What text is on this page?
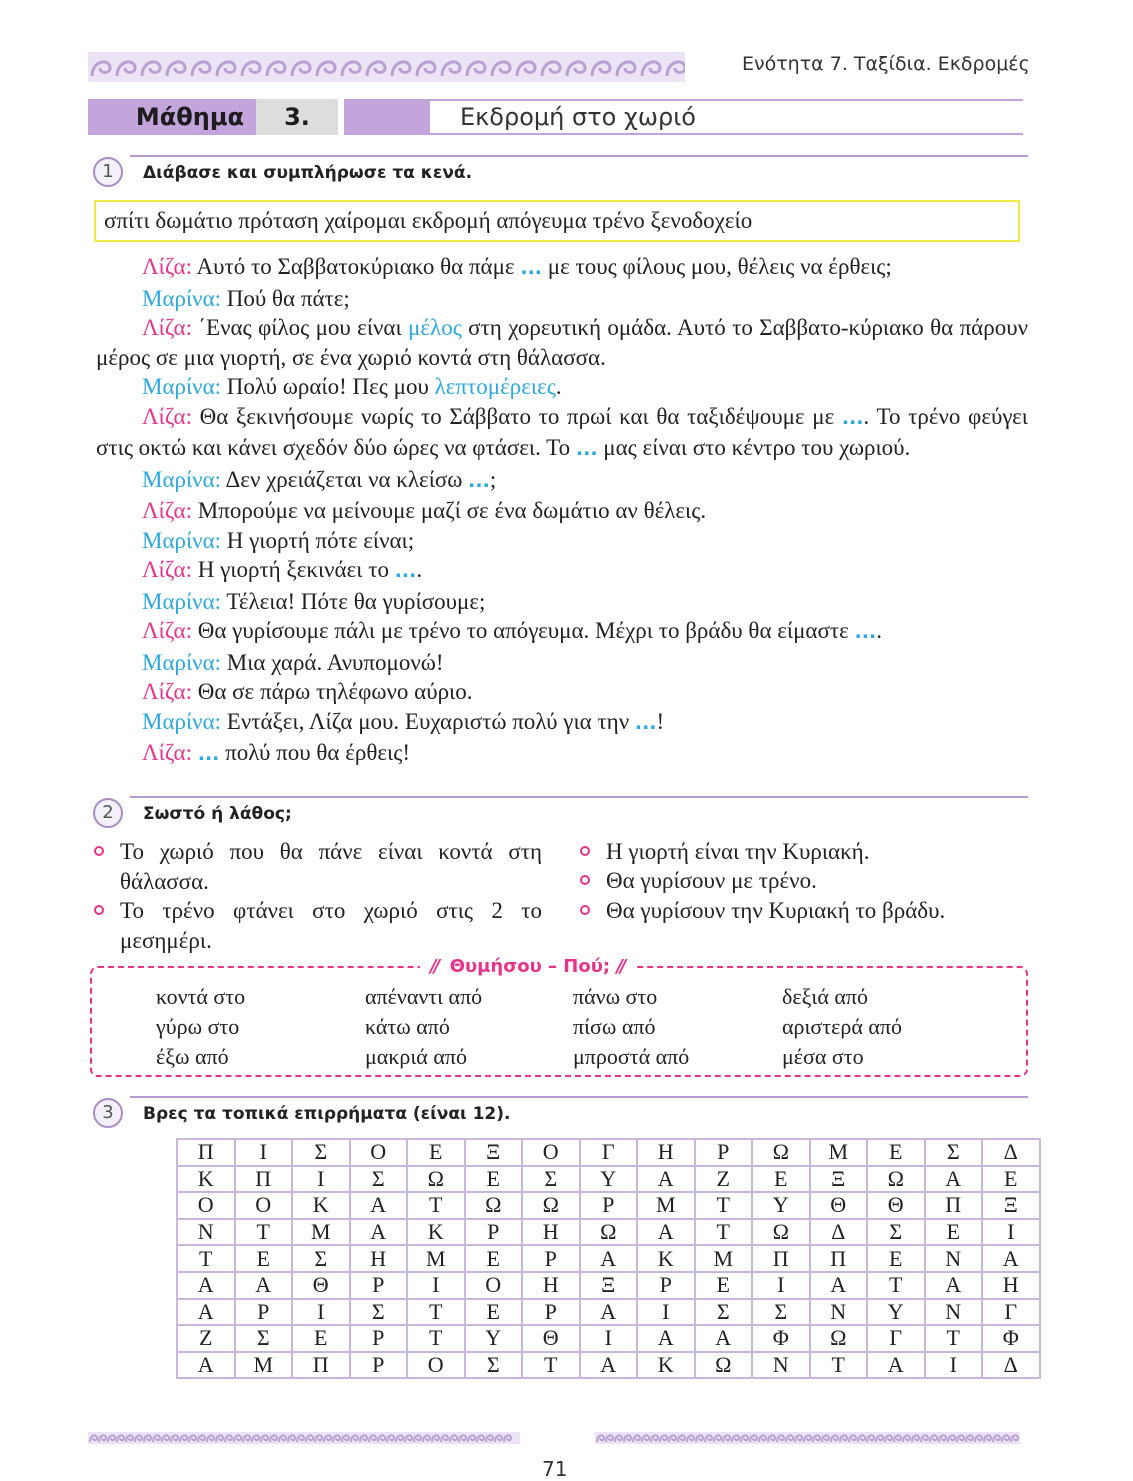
Ενότητα 7. Ταξίδια. Εκδρομές
Μάθημα	3.	Εκδρομή στο χωριό
1	Διάβασε και συμπλήρωσε τα κενά.
σπίτι δωμάτιο πρόταση χαίρομαι εκδρομή απόγευμα τρένο ξενοδοχείο

Λίζα: Αυτό το Σαββατοκύριακο θα πάμε ... με τους φίλους μου, θέλεις να έρθεις;

Μαρίνα: Πού θα πάτε;

Λίζα: ΄Ενας φίλος μου είναι μέλος στη χορευτική ομάδα. Αυτό το Σαββατο-κύριακο θα πάρουν μέρος σε μια γιορτή, σε ένα χωριό κοντά στη θάλασσα.

Μαρίνα: Πολύ ωραίο! Πες μου λεπτομέρειες.

Λίζα: Θα ξεκινήσουμε νωρίς το Σάββατο το πρωί και θα ταξιδέψουμε με .... Το τρένο φεύγει στις οκτώ και κάνει σχεδόν δύο ώρες να φτάσει. Το ... μας είναι στο κέντρο του χωριού.

Μαρίνα: Δεν χρειάζεται να κλείσω ...;

Λίζα: Μπορούμε να μείνουμε μαζί σε ένα δωμάτιο αν θέλεις.

Μαρίνα: Η γιορτή πότε είναι;

Λίζα: Η γιορτή ξεκινάει το ....

Μαρίνα: Τέλεια! Πότε θα γυρίσουμε;

Λίζα: Θα γυρίσουμε πάλι με τρένο το απόγευμα. Μέχρι το βράδυ θα είμαστε ....

Μαρίνα: Μια χαρά. Ανυπομονώ!

Λίζα: Θα σε πάρω τηλέφωνο αύριο.

Μαρίνα: Εντάξει, Λίζα μου. Ευχαριστώ πολύ για την ...!

Λίζα: ... πολύ που θα έρθεις!

2	Σωστό ή λάθος;
Το χωριό που θα πάνε είναι κοντά στη θάλασσα.
Το τρένο φτάνει στο χωριό στις 2 το μεσημέρι.
Η γιορτή είναι την Κυριακή.
Θα γυρίσουν με τρένο.
Θα γυρίσουν την Κυριακή το βράδυ.
// Θυμήσου – Πού; //
κοντά στο	απέναντι από	πάνω στο	δεξιά από
γύρω στο	κάτω από	πίσω από	αριστερά από
έξω από	μακριά από	μπροστά από	μέσα στο
3	Βρες τα τοπικά επιρρήματα (είναι 12).
Π	Ι	Σ	Ο	Ε	Ξ	Ο	Γ	Η	Ρ	Ω	Μ	Ε	Σ	Δ
Κ	Π	Ι	Σ	Ω	Ε	Σ	Υ	Α	Ζ	Ε	Ξ	Ω	Α	Ε
Ο	Ο	Κ	Α	Τ	Ω	Ω	Ρ	Μ	Τ	Υ	Θ	Θ	Π	Ξ
Ν	Τ	Μ	Α	Κ	Ρ	Η	Ω	Α	Τ	Ω	Δ	Σ	Ε	Ι
Τ	Ε	Σ	Η	Μ	Ε	Ρ	Α	Κ	Μ	Π	Π	Ε	Ν	Α
Α	Α	Θ	Ρ	Ι	Ο	Η	Ξ	Ρ	Ε	Ι	Α	Τ	Α	Η
Α	Ρ	Ι	Σ	Τ	Ε	Ρ	Α	Ι	Σ	Σ	Ν	Υ	Ν	Γ
Ζ	Σ	Ε	Ρ	Τ	Υ	Θ	Ι	Α	Α	Φ	Ω	Γ	Τ	Φ
Α	Μ	Π	Ρ	Ο	Σ	Τ	Α	Κ	Ω	Ν	Τ	Α	Ι	Δ
71
